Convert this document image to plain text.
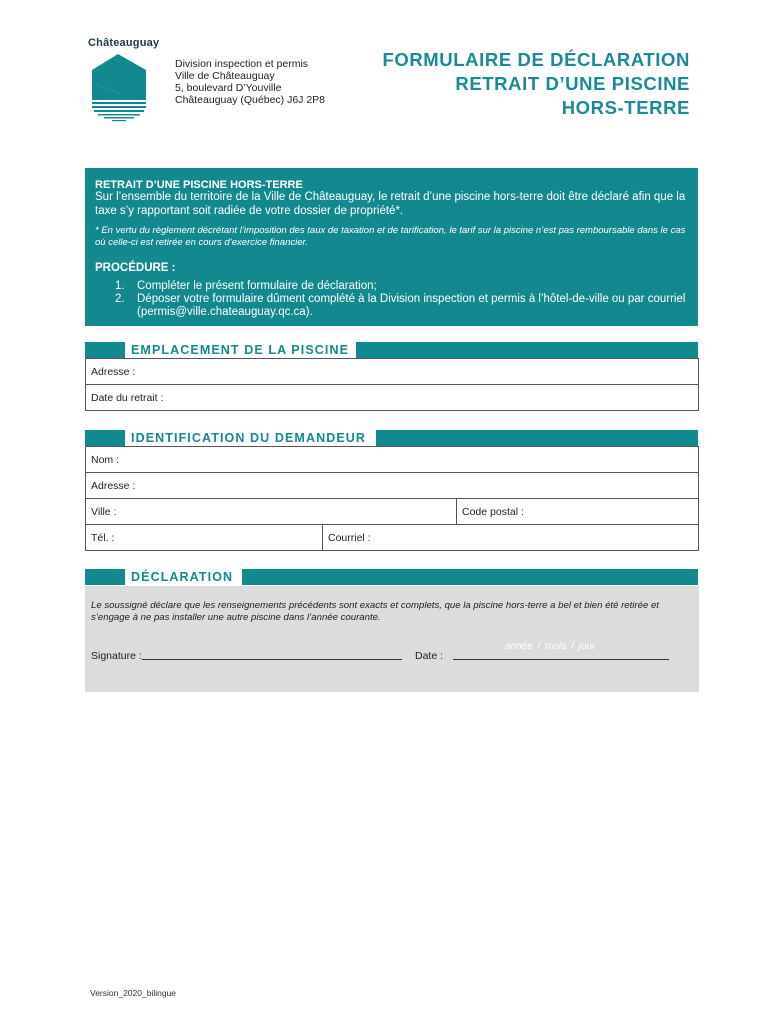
Châteauguay
Division inspection et permis
Ville de Châteauguay
5, boulevard D’Youville
Châteauguay (Québec) J6J 2P8
FORMULAIRE DE DÉCLARATION
RETRAIT D’UNE PISCINE
HORS-TERRE
RETRAIT D’UNE PISCINE HORS-TERRE
Sur l’ensemble du territoire de la Ville de Châteauguay, le retrait d’une piscine hors-terre doit être déclaré afin que la taxe s’y rapportant soit radiée de votre dossier de propriété*.
* En vertu du règlement décrétant l’imposition des taux de taxation et de tarification, le tarif sur la piscine n’est pas remboursable dans le cas où celle-ci est retirée en cours d’exercice financier.
PROCÉDURE :
1.	Compléter le présent formulaire de déclaration;
2.	Déposer votre formulaire dûment complété à la Division inspection et permis à l’hôtel-de-ville ou par courriel (permis@ville.chateauguay.qc.ca).
EMPLACEMENT DE LA PISCINE
Adresse :
Date du retrait :
IDENTIFICATION DU DEMANDEUR
Nom :
Adresse :
Ville :	Code postal :
Tél. :	Courriel :
DÉCLARATION
Le soussigné déclare que les renseignements précédents sont exacts et complets, que la piscine hors-terre a bel et bien été retirée et s’engage à ne pas installer une autre piscine dans l’année courante.
année / mois / jour
Signature :	Date :
Version_2020_bilingue
